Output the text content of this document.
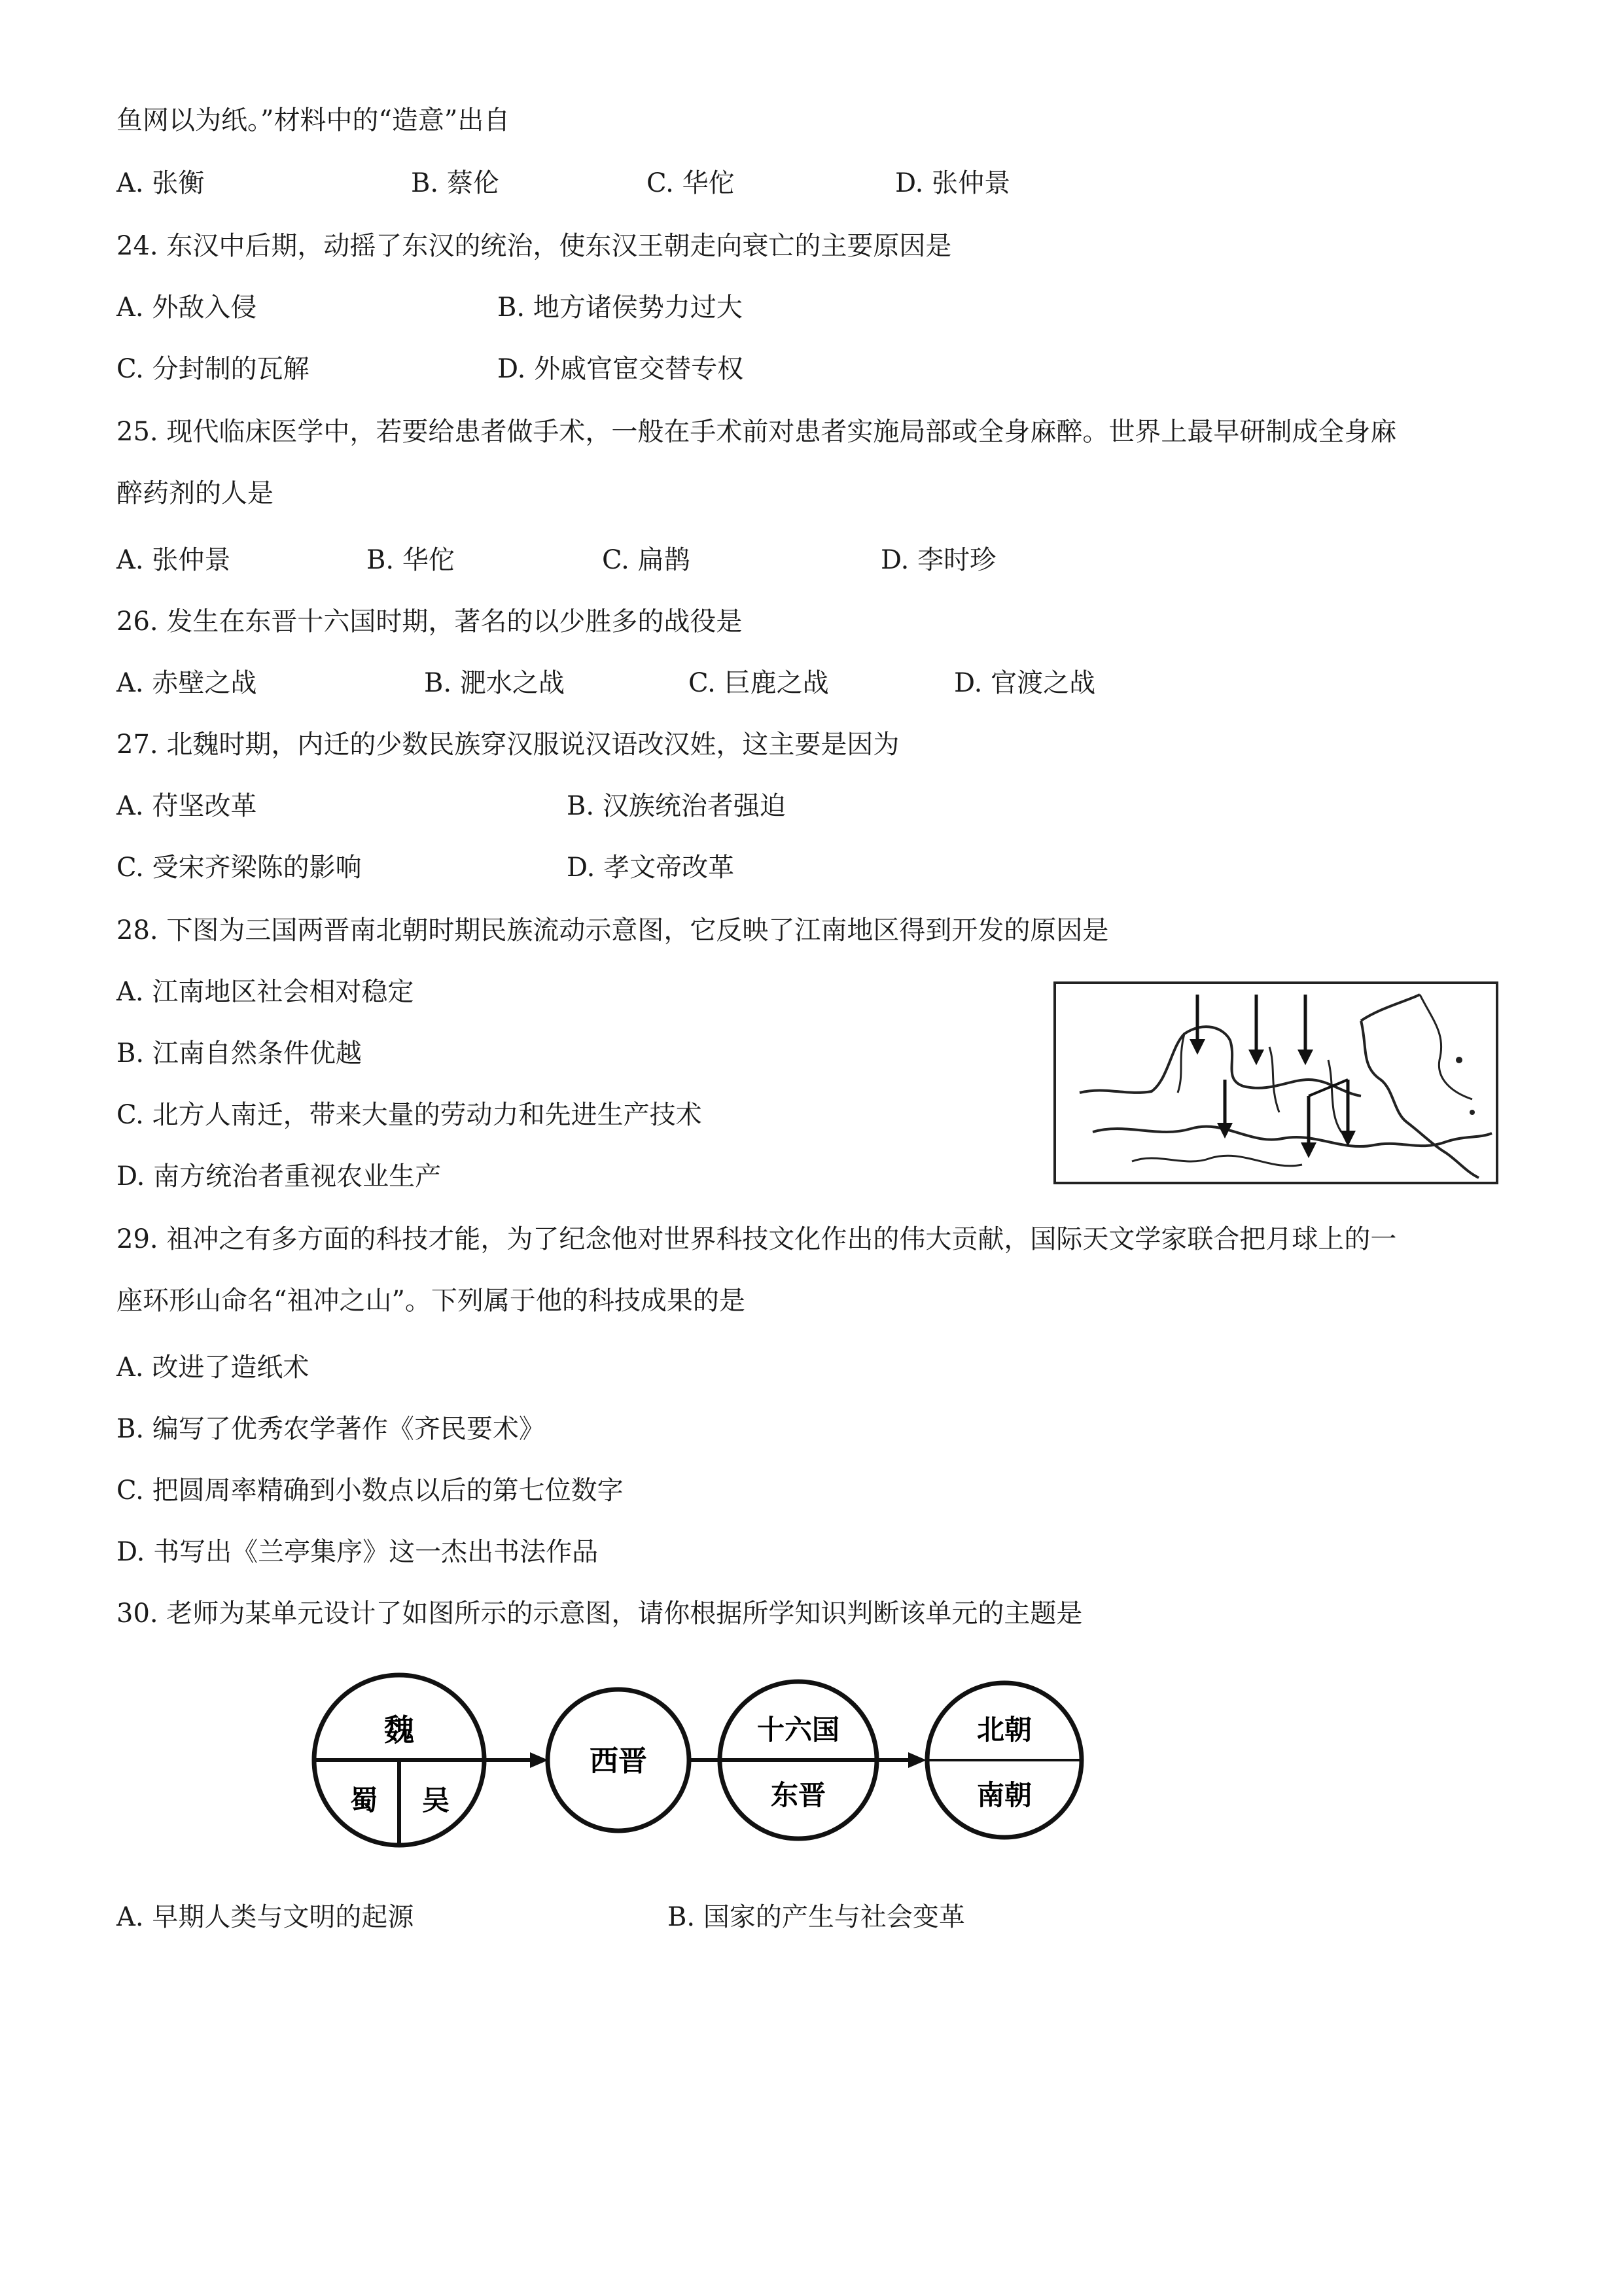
鱼网以为纸。”材料中的“造意”出自
A. 张衡	B. 蔡伦	C. 华佗	D. 张仲景
24. 东汉中后期，动摇了东汉的统治，使东汉王朝走向衰亡的主要原因是
A. 外敌入侵	B. 地方诸侯势力过大
C. 分封制的瓦解	D. 外戚官宦交替专权
25. 现代临床医学中，若要给患者做手术，一般在手术前对患者实施局部或全身麻醉。世界上最早研制成全身麻
醉药剂的人是
A. 张仲景	B. 华佗	C. 扁鹊	D. 李时珍
26. 发生在东晋十六国时期，著名的以少胜多的战役是
A. 赤壁之战	B. 淝水之战	C. 巨鹿之战	D. 官渡之战
27. 北魏时期，内迁的少数民族穿汉服说汉语改汉姓，这主要是因为
A. 苻坚改革	B. 汉族统治者强迫
C. 受宋齐梁陈的影响	D. 孝文帝改革
28. 下图为三国两晋南北朝时期民族流动示意图，它反映了江南地区得到开发的原因是
A. 江南地区社会相对稳定
B. 江南自然条件优越
C. 北方人南迁，带来大量的劳动力和先进生产技术
D. 南方统治者重视农业生产
29. 祖冲之有多方面的科技才能，为了纪念他对世界科技文化作出的伟大贡献，国际天文学家联合把月球上的一
座环形山命名“祖冲之山”。下列属于他的科技成果的是
A. 改进了造纸术
B. 编写了优秀农学著作《齐民要术》
C. 把圆周率精确到小数点以后的第七位数字
D. 书写出《兰亭集序》这一杰出书法作品
30. 老师为某单元设计了如图所示的示意图，请你根据所学知识判断该单元的主题是
魏
蜀 吴
西晋
十六国
东晋
北朝
南朝
A. 早期人类与文明的起源	B. 国家的产生与社会变革
